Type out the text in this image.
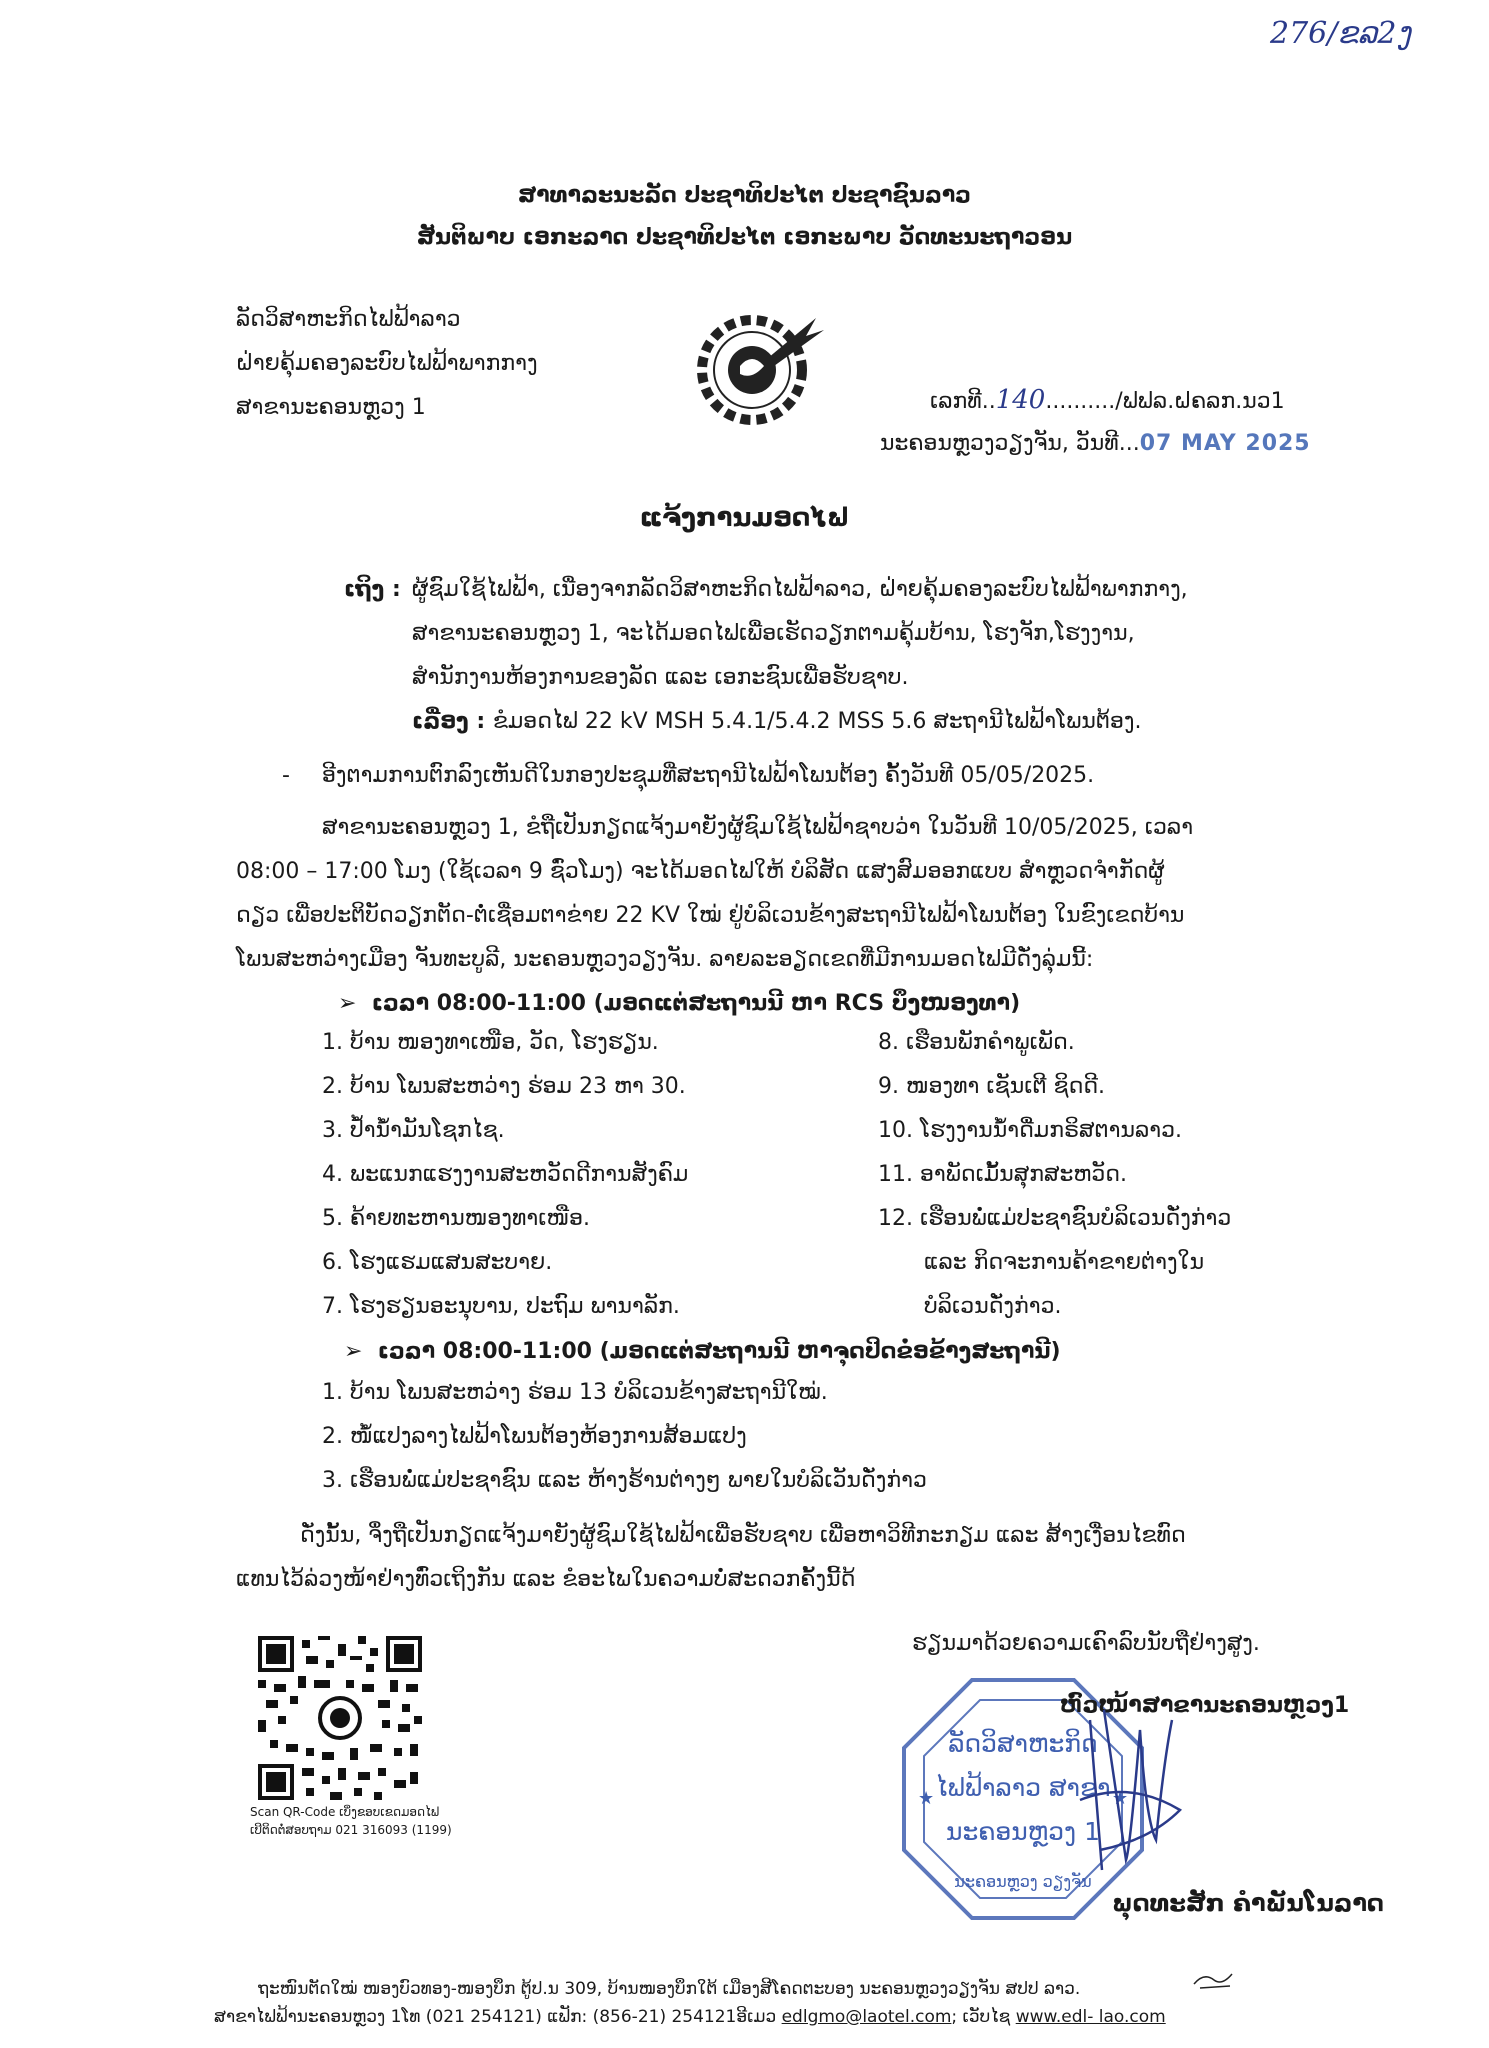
276/ຂລ2ງ
ສາທາລະນະລັດ ປະຊາທິປະໄຕ ປະຊາຊົນລາວ
ສັນຕິພາບ ເອກະລາດ ປະຊາທິປະໄຕ ເອກະພາບ ວັດທະນະຖາວອນ
ລັດວິສາຫະກິດໄຟຟ້າລາວ
ຝ່າຍຄຸ້ມຄອງລະບົບໄຟຟ້າພາກກາງ
ສາຂານະຄອນຫຼວງ 1	ເລກທີ..140........../ຟຟລ.ຝຄລກ.ນວ1
ນະຄອນຫຼວງວຽງຈັນ, ວັນທີ...07 MAY 2025
ແຈ້ງການມອດໄຟ
ເຖິງ : ຜູ້ຊົມໃຊ້ໄຟຟ້າ, ເນື່ອງຈາກລັດວິສາຫະກິດໄຟຟ້າລາວ, ຝ່າຍຄຸ້ມຄອງລະບົບໄຟຟ້າພາກກາງ,
ສາຂານະຄອນຫຼວງ 1, ຈະໄດ້ມອດໄຟເພື່ອເຮັດວຽກຕາມຄຸ້ມບ້ານ, ໂຮງຈັກ,ໂຮງງານ,
ສຳນັກງານຫ້ອງການຂອງລັດ ແລະ ເອກະຊົນເພື່ອຮັບຊາບ.
ເລື່ອງ : ຂໍມອດໄຟ 22 kV MSH 5.4.1/5.4.2 MSS 5.6 ສະຖານີໄຟຟ້າໂພນຕ້ອງ.
- ອີງຕາມການຕົກລົງເຫັນດີໃນກອງປະຊຸມທີ່ສະຖານີໄຟຟ້າໂພນຕ້ອງ ຄັ້ງວັນທີ 05/05/2025.
ສາຂານະຄອນຫຼວງ 1, ຂໍຖືເປັນກຽດແຈ້ງມາຍັງຜູ້ຊົມໃຊ້ໄຟຟ້າຊາບວ່າ ໃນວັນທີ 10/05/2025, ເວລາ
08:00 – 17:00 ໂມງ (ໃຊ້ເວລາ 9 ຊົ່ວໂມງ) ຈະໄດ້ມອດໄຟໃຫ້ ບໍລິສັດ ແສງສົມອອກແບບ ສຳຫຼວດຈຳກັດຜູ້
ດຽວ ເພື່ອປະຕິບັດວຽກຕັດ-ຕໍ່ເຊື່ອມຕາຂ່າຍ 22 KV ໃໝ່ ຢູ່ບໍລິເວນຂ້າງສະຖານີໄຟຟ້າໂພນຕ້ອງ ໃນຂົງເຂດບ້ານ
ໂພນສະຫວ່າງເມືອງ ຈັນທະບູລີ, ນະຄອນຫຼວງວຽງຈັນ. ລາຍລະອຽດເຂດທີ່ມີການມອດໄຟມີດັ່ງລຸ່ມນີ້:
➢ ເວລາ 08:00-11:00 (ມອດແຕ່ສະຖານນີ ຫາ RCS ບຶງໜອງທາ)
1. ບ້ານ ໜອງທາເໜືອ, ວັດ, ໂຮງຮຽນ.
2. ບ້ານ ໂພນສະຫວ່າງ ຮ່ອມ 23 ຫາ 30.
3. ປໍ້ານ້ຳມັນໂຊກໄຊ.
4. ພະແນກແຮງງານສະຫວັດດີການສັງຄົມ
5. ຄ້າຍທະຫານໜອງທາເໜືອ.
6. ໂຮງແຮມແສນສະບາຍ.
7. ໂຮງຮຽນອະນຸບານ, ປະຖົມ ພານາລັກ.
8. ເຮືອນພັກຄຳພູເພັດ.
9. ໜອງທາ ເຊັນເຕີ ຊິດດີ.
10. ໂຮງງານນ້ຳດື່ມກຣິສຕານລາວ.
11. ອາພັດເມັ້ນສຸກສະຫວັດ.
12. ເຮືອນພໍ່ແມ່ປະຊາຊົນບໍລິເວນດັ່ງກ່າວ
ແລະ ກິດຈະການຄ້າຂາຍຕ່າງໃນ
ບໍລິເວນດັ່ງກ່າວ.
➢ ເວລາ 08:00-11:00 (ມອດແຕ່ສະຖານນີ ຫາຈຸດປິດຂໍ່ອຂ້າງສະຖານີ)
1. ບ້ານ ໂພນສະຫວ່າງ ຮ່ອມ 13 ບໍລິເວນຂ້າງສະຖານີໃໝ່.
2. ໜໍ້ແປງລາງໄຟຟ້າໂພນຕ້ອງຫ້ອງການສ້ອມແປງ
3. ເຮືອນພໍ່ແມ່ປະຊາຊົນ ແລະ ຫ້າງຮ້ານຕ່າງໆ ພາຍໃນບໍລິເວັນດັ່ງກ່າວ
ດັ່ງນັ້ນ, ຈຶ່ງຖືເປັນກຽດແຈ້ງມາຍັງຜູ້ຊົມໃຊ້ໄຟຟ້າເພື່ອຮັບຊາບ ເພື່ອຫາວິທີກະກຽມ ແລະ ສ້າງເງື່ອນໄຂທົດ
ແທນໄວ້ລ່ວງໜ້າຢ່າງທົ່ວເຖິງກັນ ແລະ ຂໍອະໄພໃນຄວາມບໍ່ສະດວກຄັ້ງນີ້ດ້
ຮຽນມາດ້ວຍຄວາມເຄົາລົບນັບຖືຢ່າງສູງ.
Scan QR-Code ເບິ່ງຂອບເຂດມອດໄຟ
ເບີຕິດຕໍ່ສອບຖາມ 021 316093 (1199)
★	★
ລັດວິສາຫະກິດ
ໄຟຟ້າລາວ ສາຂາ
ນະຄອນຫຼວງ 1
ນະຄອນຫຼວງ ວຽງຈັນ
ຫົວໜ້າສາຂານະຄອນຫຼວງ1
ພຸດທະສັກ ຄຳພັນໂນລາດ
ຖະໜົນຕັດໃໝ່ ໜອງບົວທອງ-ໜອງບຶກ ຕູ້ປ.ນ 309, ບ້ານໜອງບຶກໃຕ້ ເມືອງສີໂຄດຕະບອງ ນະຄອນຫຼວງວຽງຈັນ ສປປ ລາວ.
ສາຂາໄຟຟ້ານະຄອນຫຼວງ 1ໂທ (021 254121) ແຟັກ: (856-21) 254121ອີເມວ edlgmo@laotel.com; ເວັບໄຊ www.edl- lao.com
